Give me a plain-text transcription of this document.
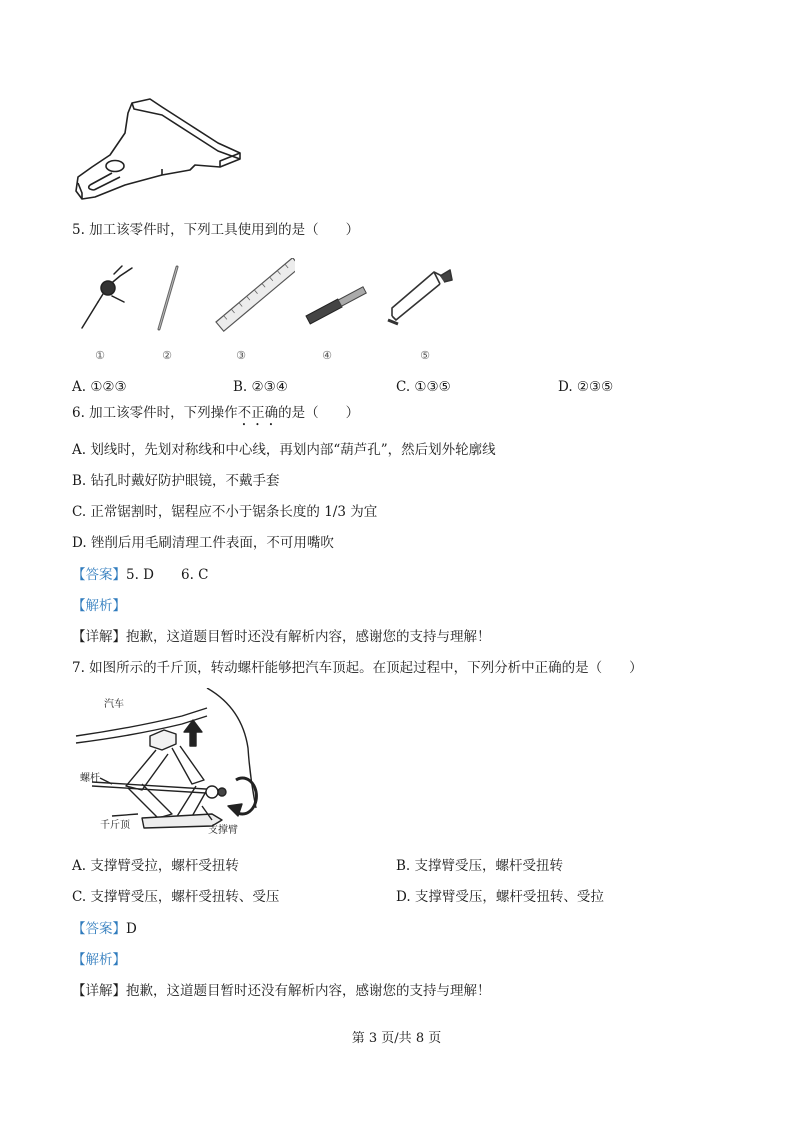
5. 加工该零件时，下列工具使用到的是（　　）
①	②	③	④	⑤
A. ①②③	B. ②③④	C. ①③⑤	D. ②③⑤
6. 加工该零件时，下列操作不正确的是（　　）
A. 划线时，先划对称线和中心线，再划内部“葫芦孔”，然后划外轮廓线
B. 钻孔时戴好防护眼镜，不戴手套
C. 正常锯割时，锯程应不小于锯条长度的 1/3 为宜
D. 锉削后用毛刷清理工件表面，不可用嘴吹
【答案】5. D　　6. C
【解析】
【详解】抱歉，这道题目暂时还没有解析内容，感谢您的支持与理解！
7. 如图所示的千斤顶，转动螺杆能够把汽车顶起。在顶起过程中，下列分析中正确的是（　　）
汽车
螺杆
千斤顶	支撑臂
A. 支撑臂受拉，螺杆受扭转	B. 支撑臂受压，螺杆受扭转
C. 支撑臂受压，螺杆受扭转、受压	D. 支撑臂受压，螺杆受扭转、受拉
【答案】D
【解析】
【详解】抱歉，这道题目暂时还没有解析内容，感谢您的支持与理解！
第 3 页/共 8 页
